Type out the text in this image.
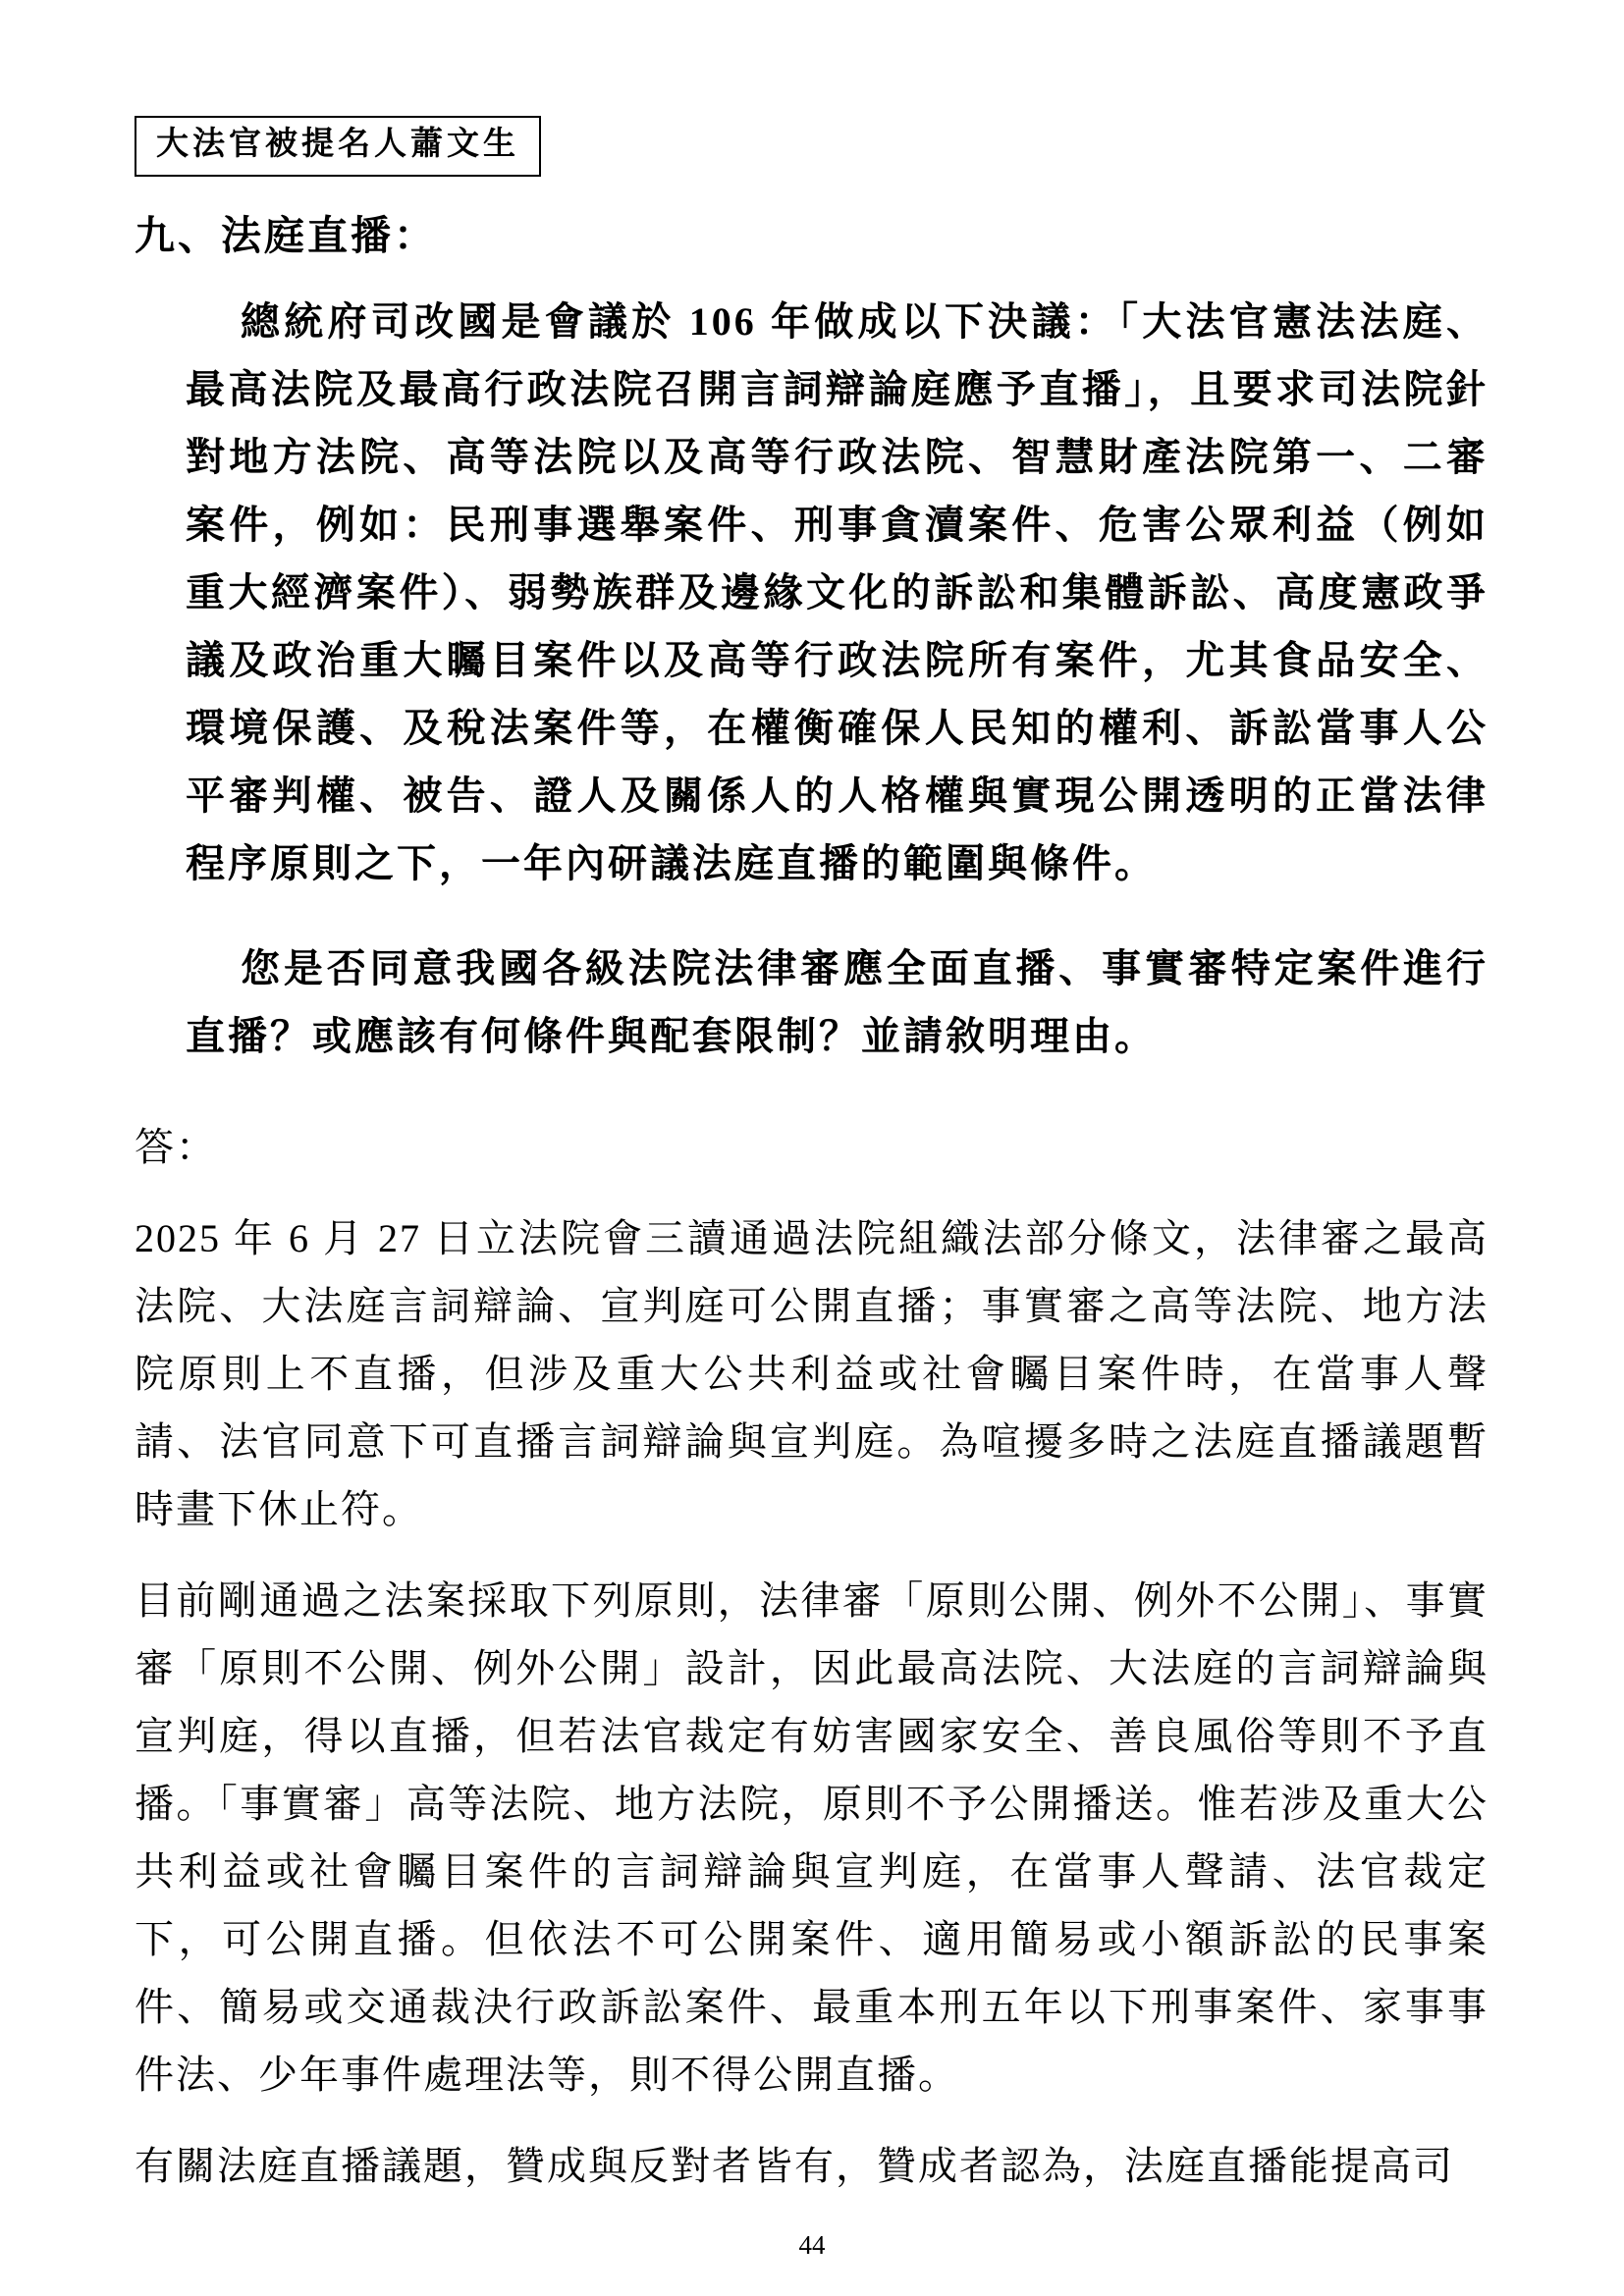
大法官被提名人蕭文生
九、法庭直播：

總統府司改國是會議於 106 年做成以下決議：「大法官憲法法庭、最高法院及最高行政法院召開言詞辯論庭應予直播」，且要求司法院針對地方法院、高等法院以及高等行政法院、智慧財產法院第一、二審案件，例如：民刑事選舉案件、刑事貪瀆案件、危害公眾利益（例如重大經濟案件）、弱勢族群及邊緣文化的訴訟和集體訴訟、高度憲政爭議及政治重大矚目案件以及高等行政法院所有案件，尤其食品安全、環境保護、及稅法案件等，在權衡確保人民知的權利、訴訟當事人公平審判權、被告、證人及關係人的人格權與實現公開透明的正當法律程序原則之下，一年內研議法庭直播的範圍與條件。

您是否同意我國各級法院法律審應全面直播、事實審特定案件進行直播？或應該有何條件與配套限制？並請敘明理由。

答：

2025 年 6 月 27 日立法院會三讀通過法院組織法部分條文，法律審之最高法院、大法庭言詞辯論、宣判庭可公開直播；事實審之高等法院、地方法院原則上不直播，但涉及重大公共利益或社會矚目案件時，在當事人聲請、法官同意下可直播言詞辯論與宣判庭。為喧擾多時之法庭直播議題暫時畫下休止符。

目前剛通過之法案採取下列原則，法律審「原則公開、例外不公開」、事實審「原則不公開、例外公開」設計，因此最高法院、大法庭的言詞辯論與宣判庭，得以直播，但若法官裁定有妨害國家安全、善良風俗等則不予直播。「事實審」高等法院、地方法院，原則不予公開播送。惟若涉及重大公共利益或社會矚目案件的言詞辯論與宣判庭，在當事人聲請、法官裁定下，可公開直播。但依法不可公開案件、適用簡易或小額訴訟的民事案件、簡易或交通裁決行政訴訟案件、最重本刑五年以下刑事案件、家事事件法、少年事件處理法等，則不得公開直播。

有關法庭直播議題，贊成與反對者皆有，贊成者認為，法庭直播能提高司

44
